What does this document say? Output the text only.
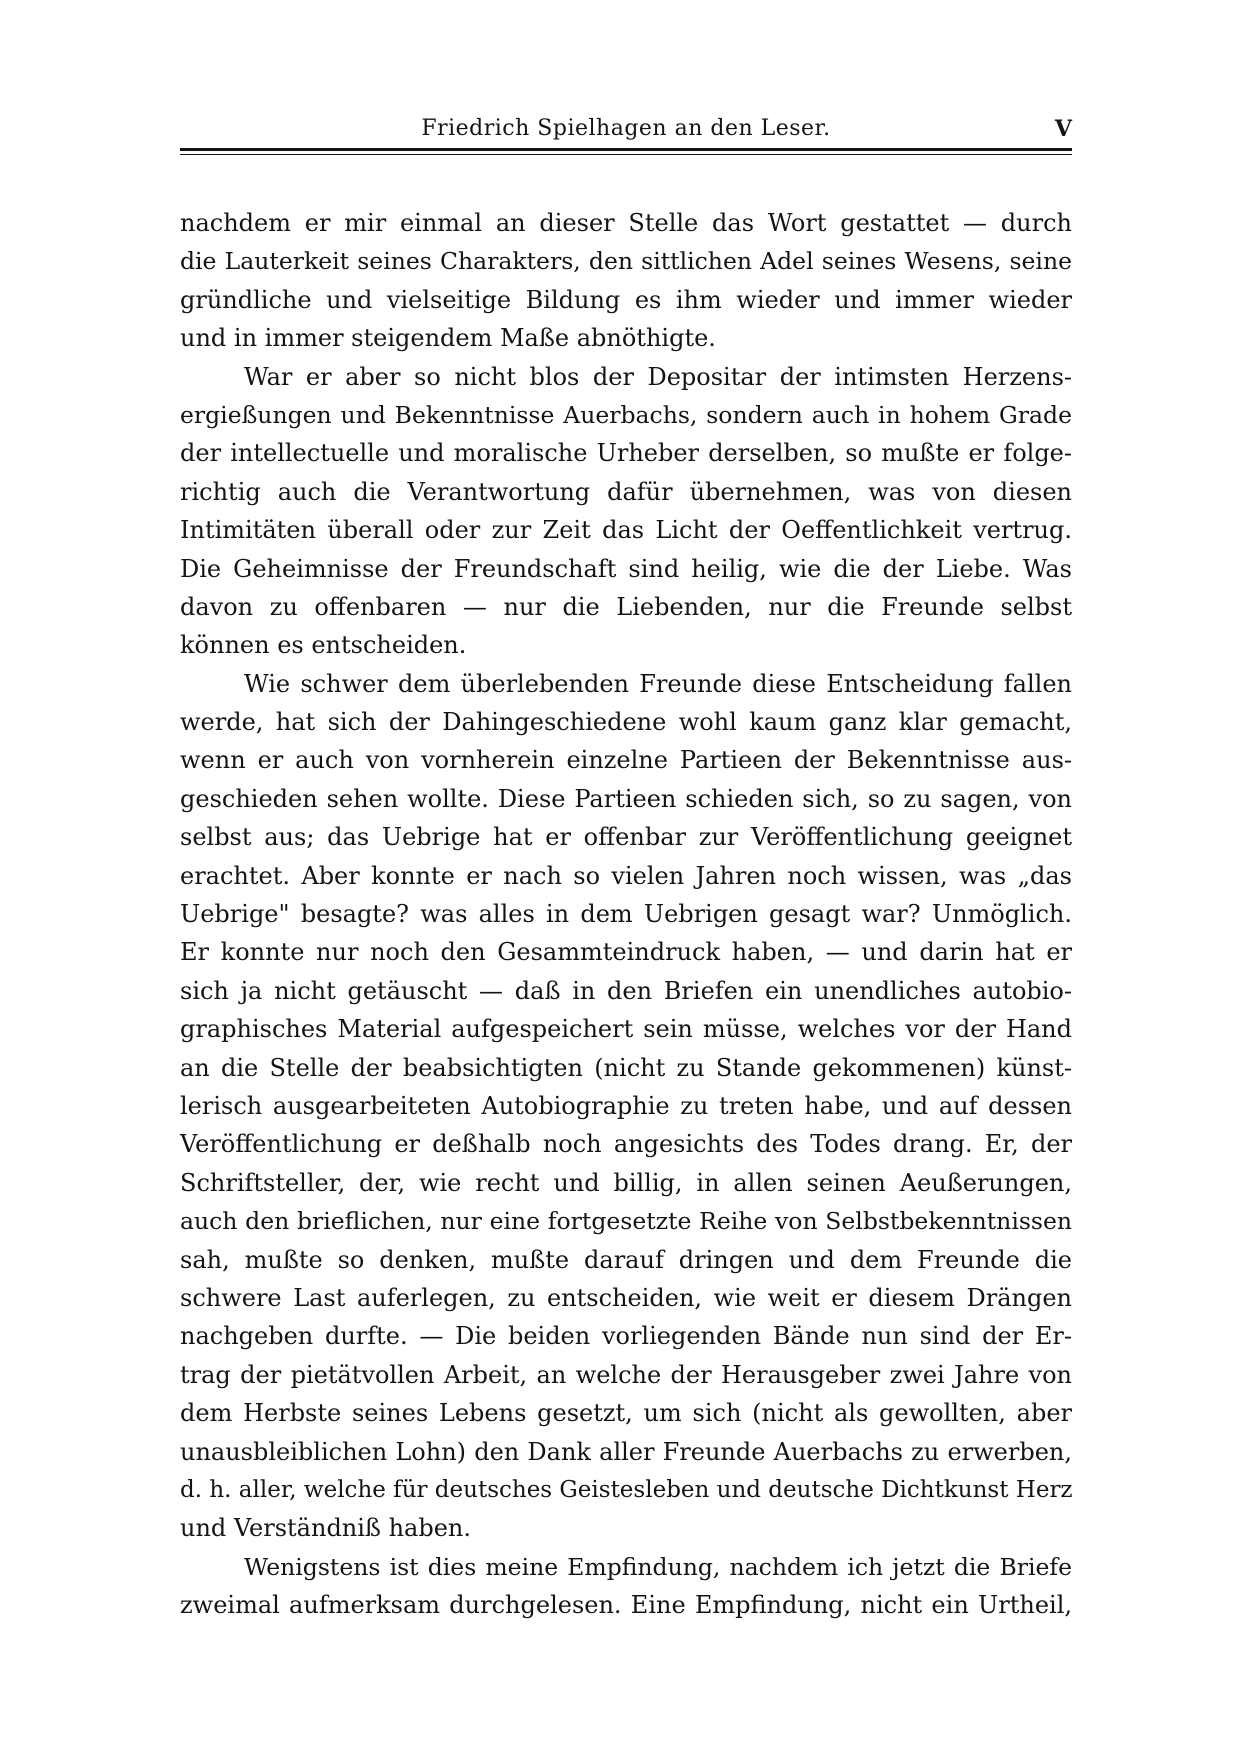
Friedrich Spielhagen an den Leser.	V
nachdem er mir einmal an dieser Stelle das Wort gestattet — durch
die Lauterkeit seines Charakters, den sittlichen Adel seines Wesens, seine
gründliche und vielseitige Bildung es ihm wieder und immer wieder
und in immer steigendem Maße abnöthigte.
War er aber so nicht blos der Depositar der intimsten Herzens-
ergießungen und Bekenntnisse Auerbachs, sondern auch in hohem Grade
der intellectuelle und moralische Urheber derselben, so mußte er folge-
richtig auch die Verantwortung dafür übernehmen, was von diesen
Intimitäten überall oder zur Zeit das Licht der Oeffentlichkeit vertrug.
Die Geheimnisse der Freundschaft sind heilig, wie die der Liebe. Was
davon zu offenbaren — nur die Liebenden, nur die Freunde selbst
können es entscheiden.
Wie schwer dem überlebenden Freunde diese Entscheidung fallen
werde, hat sich der Dahingeschiedene wohl kaum ganz klar gemacht,
wenn er auch von vornherein einzelne Partieen der Bekenntnisse aus-
geschieden sehen wollte. Diese Partieen schieden sich, so zu sagen, von
selbst aus; das Uebrige hat er offenbar zur Veröffentlichung geeignet
erachtet. Aber konnte er nach so vielen Jahren noch wissen, was „das
Uebrige" besagte? was alles in dem Uebrigen gesagt war? Unmöglich.
Er konnte nur noch den Gesammteindruck haben, — und darin hat er
sich ja nicht getäuscht — daß in den Briefen ein unendliches autobio-
graphisches Material aufgespeichert sein müsse, welches vor der Hand
an die Stelle der beabsichtigten (nicht zu Stande gekommenen) künst-
lerisch ausgearbeiteten Autobiographie zu treten habe, und auf dessen
Veröffentlichung er deßhalb noch angesichts des Todes drang. Er, der
Schriftsteller, der, wie recht und billig, in allen seinen Aeußerungen,
auch den brieflichen, nur eine fortgesetzte Reihe von Selbstbekenntnissen
sah, mußte so denken, mußte darauf dringen und dem Freunde die
schwere Last auferlegen, zu entscheiden, wie weit er diesem Drängen
nachgeben durfte. — Die beiden vorliegenden Bände nun sind der Er-
trag der pietätvollen Arbeit, an welche der Herausgeber zwei Jahre von
dem Herbste seines Lebens gesetzt, um sich (nicht als gewollten, aber
unausbleiblichen Lohn) den Dank aller Freunde Auerbachs zu erwerben,
d. h. aller, welche für deutsches Geistesleben und deutsche Dichtkunst Herz
und Verständniß haben.
Wenigstens ist dies meine Empfindung, nachdem ich jetzt die Briefe
zweimal aufmerksam durchgelesen. Eine Empfindung, nicht ein Urtheil,
